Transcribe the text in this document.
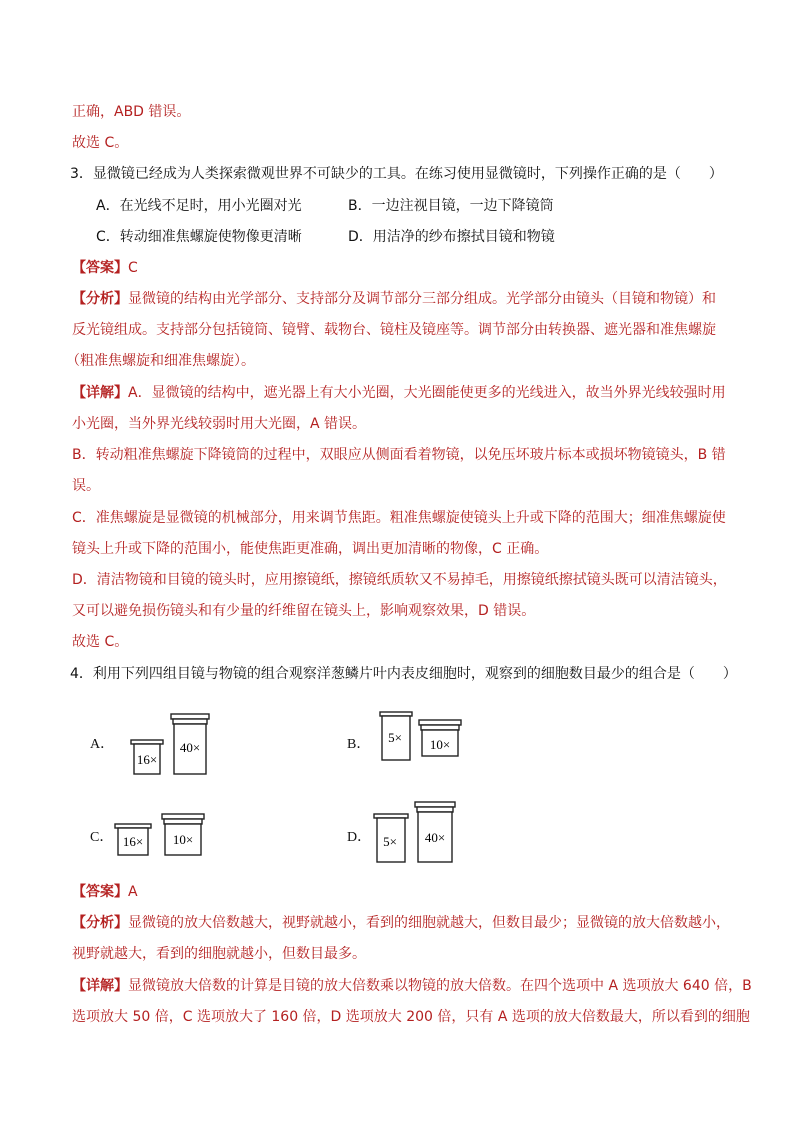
正确，ABD 错误。
故选 C。
3．显微镜已经成为人类探索微观世界不可缺少的工具。在练习使用显微镜时，下列操作正确的是（　　）
A．在光线不足时，用小光圈对光	B．一边注视目镜，一边下降镜筒
C．转动细准焦螺旋使物像更清晰	D．用洁净的纱布擦拭目镜和物镜
【答案】C
【分析】显微镜的结构由光学部分、支持部分及调节部分三部分组成。光学部分由镜头（目镜和物镜）和
反光镜组成。支持部分包括镜筒、镜臂、载物台、镜柱及镜座等。调节部分由转换器、遮光器和准焦螺旋
（粗准焦螺旋和细准焦螺旋）。
【详解】A．显微镜的结构中，遮光器上有大小光圈，大光圈能使更多的光线进入，故当外界光线较强时用
小光圈，当外界光线较弱时用大光圈，A 错误。
B．转动粗准焦螺旋下降镜筒的过程中，双眼应从侧面看着物镜，以免压坏玻片标本或损坏物镜镜头，B 错
误。
C．准焦螺旋是显微镜的机械部分，用来调节焦距。粗准焦螺旋使镜头上升或下降的范围大；细准焦螺旋使
镜头上升或下降的范围小，能使焦距更准确，调出更加清晰的物像，C 正确。
D．清洁物镜和目镜的镜头时，应用擦镜纸，擦镜纸质软又不易掉毛，用擦镜纸擦拭镜头既可以清洁镜头，
又可以避免损伤镜头和有少量的纤维留在镜头上，影响观察效果，D 错误。
故选 C。
4．利用下列四组目镜与物镜的组合观察洋葱鳞片叶内表皮细胞时，观察到的细胞数目最少的组合是（　　）
A．
16×
40×	B． 5× 10×
C． 16× 10×	D． 5× 40×
【答案】A
【分析】显微镜的放大倍数越大，视野就越小，看到的细胞就越大，但数目最少；显微镜的放大倍数越小，
视野就越大，看到的细胞就越小，但数目最多。
【详解】显微镜放大倍数的计算是目镜的放大倍数乘以物镜的放大倍数。在四个选项中 A 选项放大 640 倍，B
选项放大 50 倍，C 选项放大了 160 倍，D 选项放大 200 倍，只有 A 选项的放大倍数最大，所以看到的细胞
